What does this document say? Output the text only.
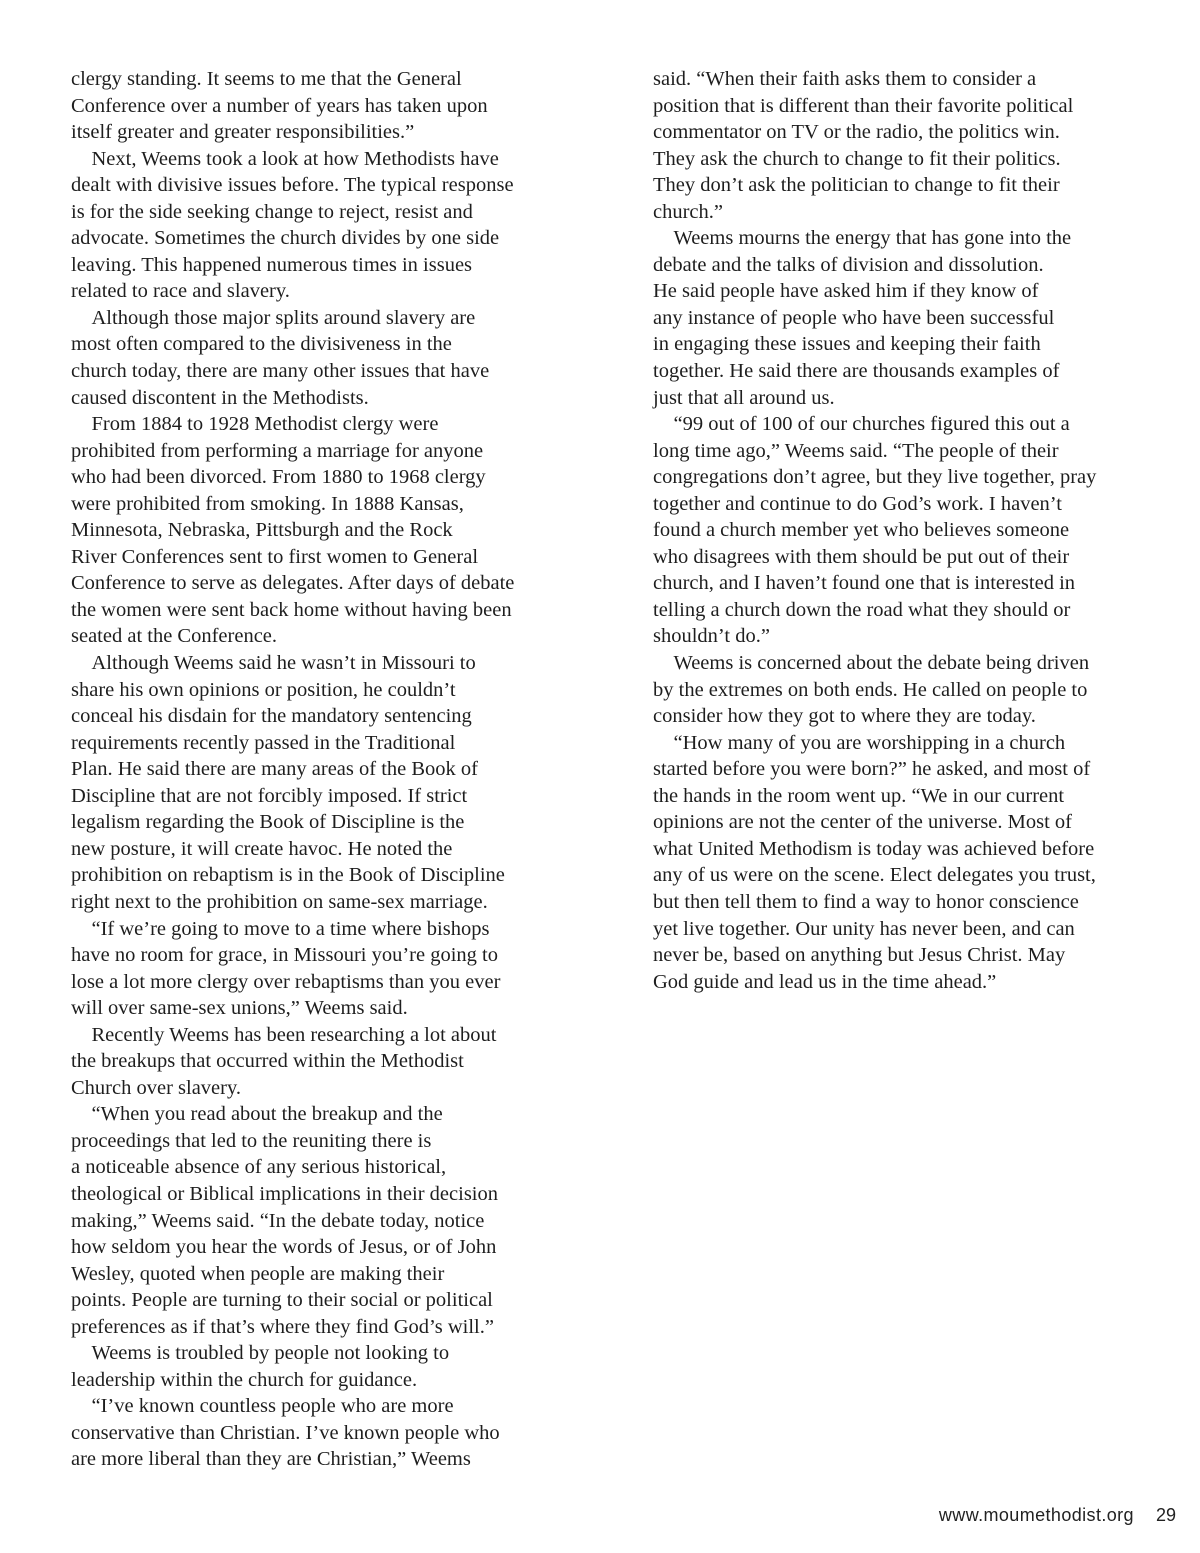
clergy standing. It seems to me that the General
Conference over a number of years has taken upon
itself greater and greater responsibilities.”
Next, Weems took a look at how Methodists have
dealt with divisive issues before. The typical response
is for the side seeking change to reject, resist and
advocate. Sometimes the church divides by one side
leaving. This happened numerous times in issues
related to race and slavery.
Although those major splits around slavery are
most often compared to the divisiveness in the
church today, there are many other issues that have
caused discontent in the Methodists.
From 1884 to 1928 Methodist clergy were
prohibited from performing a marriage for anyone
who had been divorced. From 1880 to 1968 clergy
were prohibited from smoking. In 1888 Kansas,
Minnesota, Nebraska, Pittsburgh and the Rock
River Conferences sent to first women to General
Conference to serve as delegates. After days of debate
the women were sent back home without having been
seated at the Conference.
Although Weems said he wasn’t in Missouri to
share his own opinions or position, he couldn’t
conceal his disdain for the mandatory sentencing
requirements recently passed in the Traditional
Plan. He said there are many areas of the Book of
Discipline that are not forcibly imposed. If strict
legalism regarding the Book of Discipline is the
new posture, it will create havoc. He noted the
prohibition on rebaptism is in the Book of Discipline
right next to the prohibition on same-sex marriage.
“If we’re going to move to a time where bishops
have no room for grace, in Missouri you’re going to
lose a lot more clergy over rebaptisms than you ever
will over same-sex unions,” Weems said.
Recently Weems has been researching a lot about
the breakups that occurred within the Methodist
Church over slavery.
“When you read about the breakup and the
proceedings that led to the reuniting there is
a noticeable absence of any serious historical,
theological or Biblical implications in their decision
making,” Weems said. “In the debate today, notice
how seldom you hear the words of Jesus, or of John
Wesley, quoted when people are making their
points. People are turning to their social or political
preferences as if that’s where they find God’s will.”
Weems is troubled by people not looking to
leadership within the church for guidance.
“I’ve known countless people who are more
conservative than Christian. I’ve known people who
are more liberal than they are Christian,” Weems
said. “When their faith asks them to consider a
position that is different than their favorite political
commentator on TV or the radio, the politics win.
They ask the church to change to fit their politics.
They don’t ask the politician to change to fit their
church.”
Weems mourns the energy that has gone into the
debate and the talks of division and dissolution.
He said people have asked him if they know of
any instance of people who have been successful
in engaging these issues and keeping their faith
together. He said there are thousands examples of
just that all around us.
“99 out of 100 of our churches figured this out a
long time ago,” Weems said. “The people of their
congregations don’t agree, but they live together, pray
together and continue to do God’s work. I haven’t
found a church member yet who believes someone
who disagrees with them should be put out of their
church, and I haven’t found one that is interested in
telling a church down the road what they should or
shouldn’t do.”
Weems is concerned about the debate being driven
by the extremes on both ends. He called on people to
consider how they got to where they are today.
“How many of you are worshipping in a church
started before you were born?” he asked, and most of
the hands in the room went up. “We in our current
opinions are not the center of the universe. Most of
what United Methodism is today was achieved before
any of us were on the scene. Elect delegates you trust,
but then tell them to find a way to honor conscience
yet live together. Our unity has never been, and can
never be, based on anything but Jesus Christ. May
God guide and lead us in the time ahead.”
www.moumethodist.org 29
